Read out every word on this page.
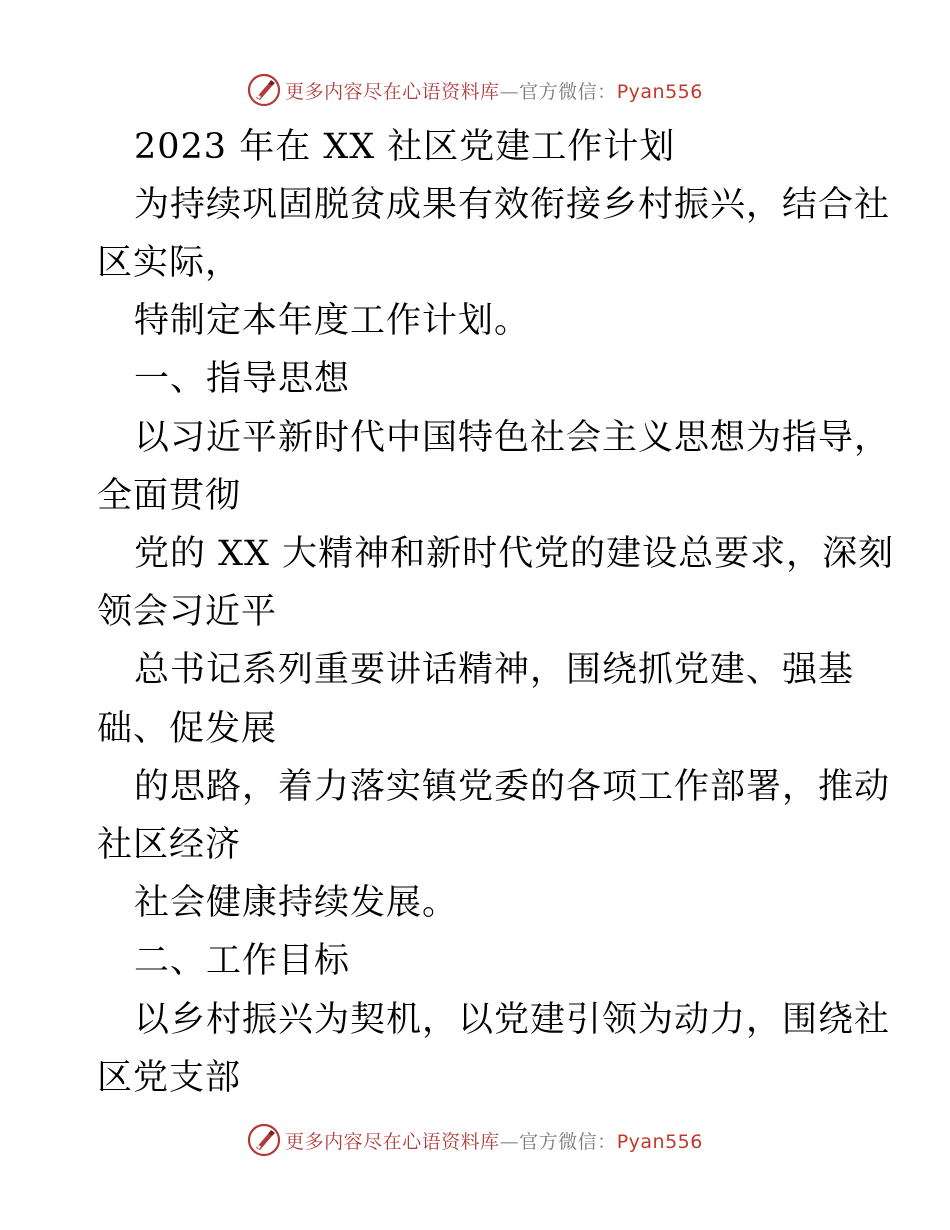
更多内容尽在心语资料库—官方微信：Pyan556
2023 年在 XX 社区党建工作计划
为持续巩固脱贫成果有效衔接乡村振兴，结合社
区实际，
特制定本年度工作计划。
一、指导思想
以习近平新时代中国特色社会主义思想为指导，
全面贯彻
党的 XX 大精神和新时代党的建设总要求，深刻
领会习近平
总书记系列重要讲话精神，围绕抓党建、强基
础、促发展
的思路，着力落实镇党委的各项工作部署，推动
社区经济
社会健康持续发展。
二、工作目标
以乡村振兴为契机，以党建引领为动力，围绕社
区党支部
更多内容尽在心语资料库—官方微信：Pyan556
